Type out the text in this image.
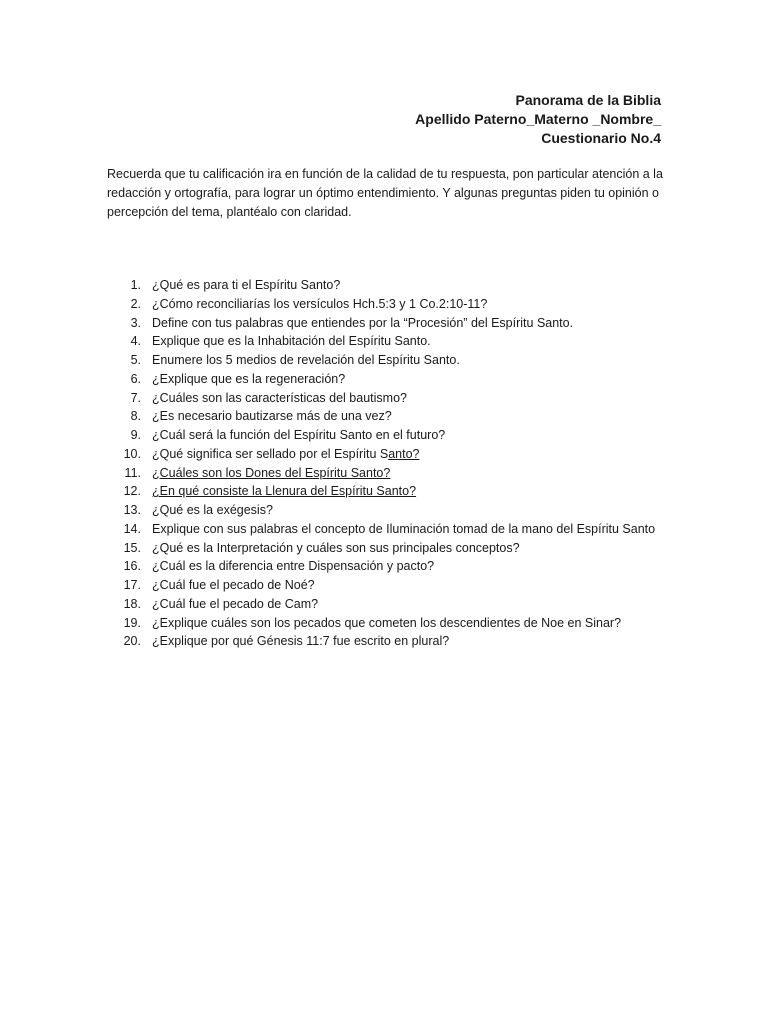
Panorama de la Biblia
Apellido Paterno_Materno _Nombre_
Cuestionario No.4

Recuerda que tu calificación ira en función de la calidad de tu respuesta, pon particular atención a la redacción y ortografía, para lograr un óptimo entendimiento. Y algunas preguntas piden tu opinión o percepción del tema, plantéalo con claridad.

1. ¿Qué es para ti el Espíritu Santo?
2. ¿Cómo reconciliarías los versículos Hch.5:3 y 1 Co.2:10-11?
3. Define con tus palabras que entiendes por la “Procesión” del Espíritu Santo.
4. Explique que es la Inhabitación del Espíritu Santo.
5. Enumere los 5 medios de revelación del Espíritu Santo.
6. ¿Explique que es la regeneración?
7. ¿Cuáles son las características del bautismo?
8. ¿Es necesario bautizarse más de una vez?
9. ¿Cuál será la función del Espíritu Santo en el futuro?
10. ¿Qué significa ser sellado por el Espíritu Santo?
11. ¿Cuáles son los Dones del Espíritu Santo?
12. ¿En qué consiste la Llenura del Espíritu Santo?
13. ¿Qué es la exégesis?
14. Explique con sus palabras el concepto de Iluminación tomad de la mano del Espíritu Santo
15. ¿Qué es la Interpretación y cuáles son sus principales conceptos?
16. ¿Cuál es la diferencia entre Dispensación y pacto?
17. ¿Cuál fue el pecado de Noé?
18. ¿Cuál fue el pecado de Cam?
19. ¿Explique cuáles son los pecados que cometen los descendientes de Noe en Sinar?
20. ¿Explique por qué Génesis 11:7 fue escrito en plural?
